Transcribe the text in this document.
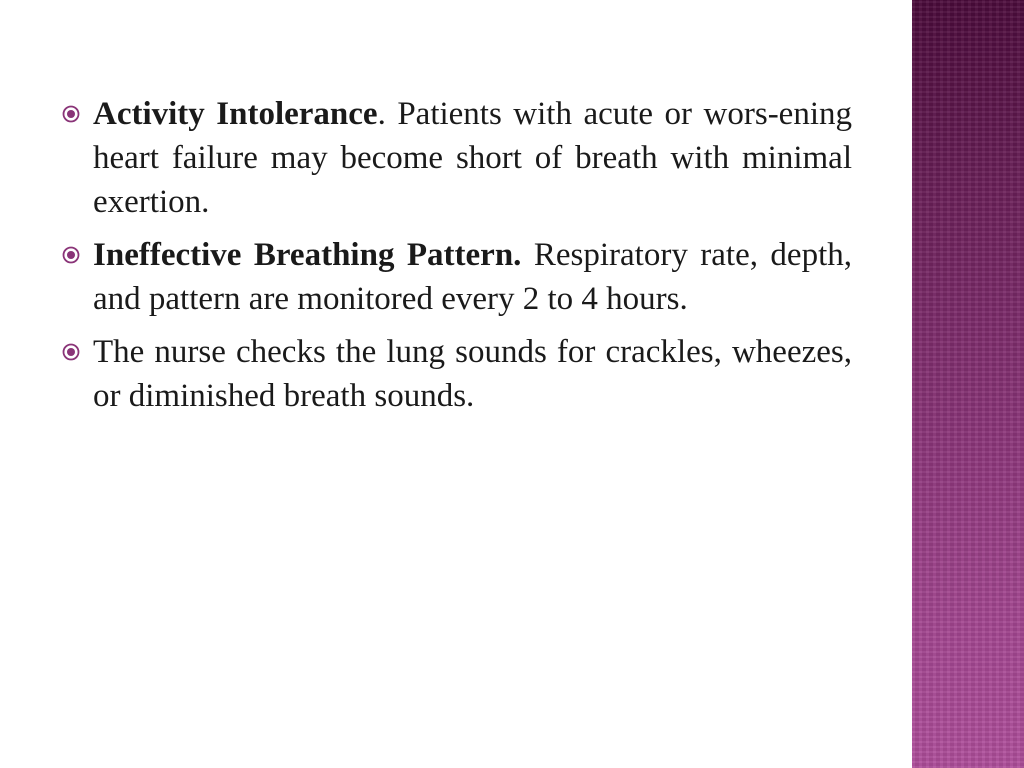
Activity Intolerance. Patients with acute or wors-ening heart failure may become short of breath with minimal exertion.
Ineffective Breathing Pattern. Respiratory rate, depth, and pattern are monitored every 2 to 4 hours.
The nurse checks the lung sounds for crackles, wheezes, or diminished breath sounds.
